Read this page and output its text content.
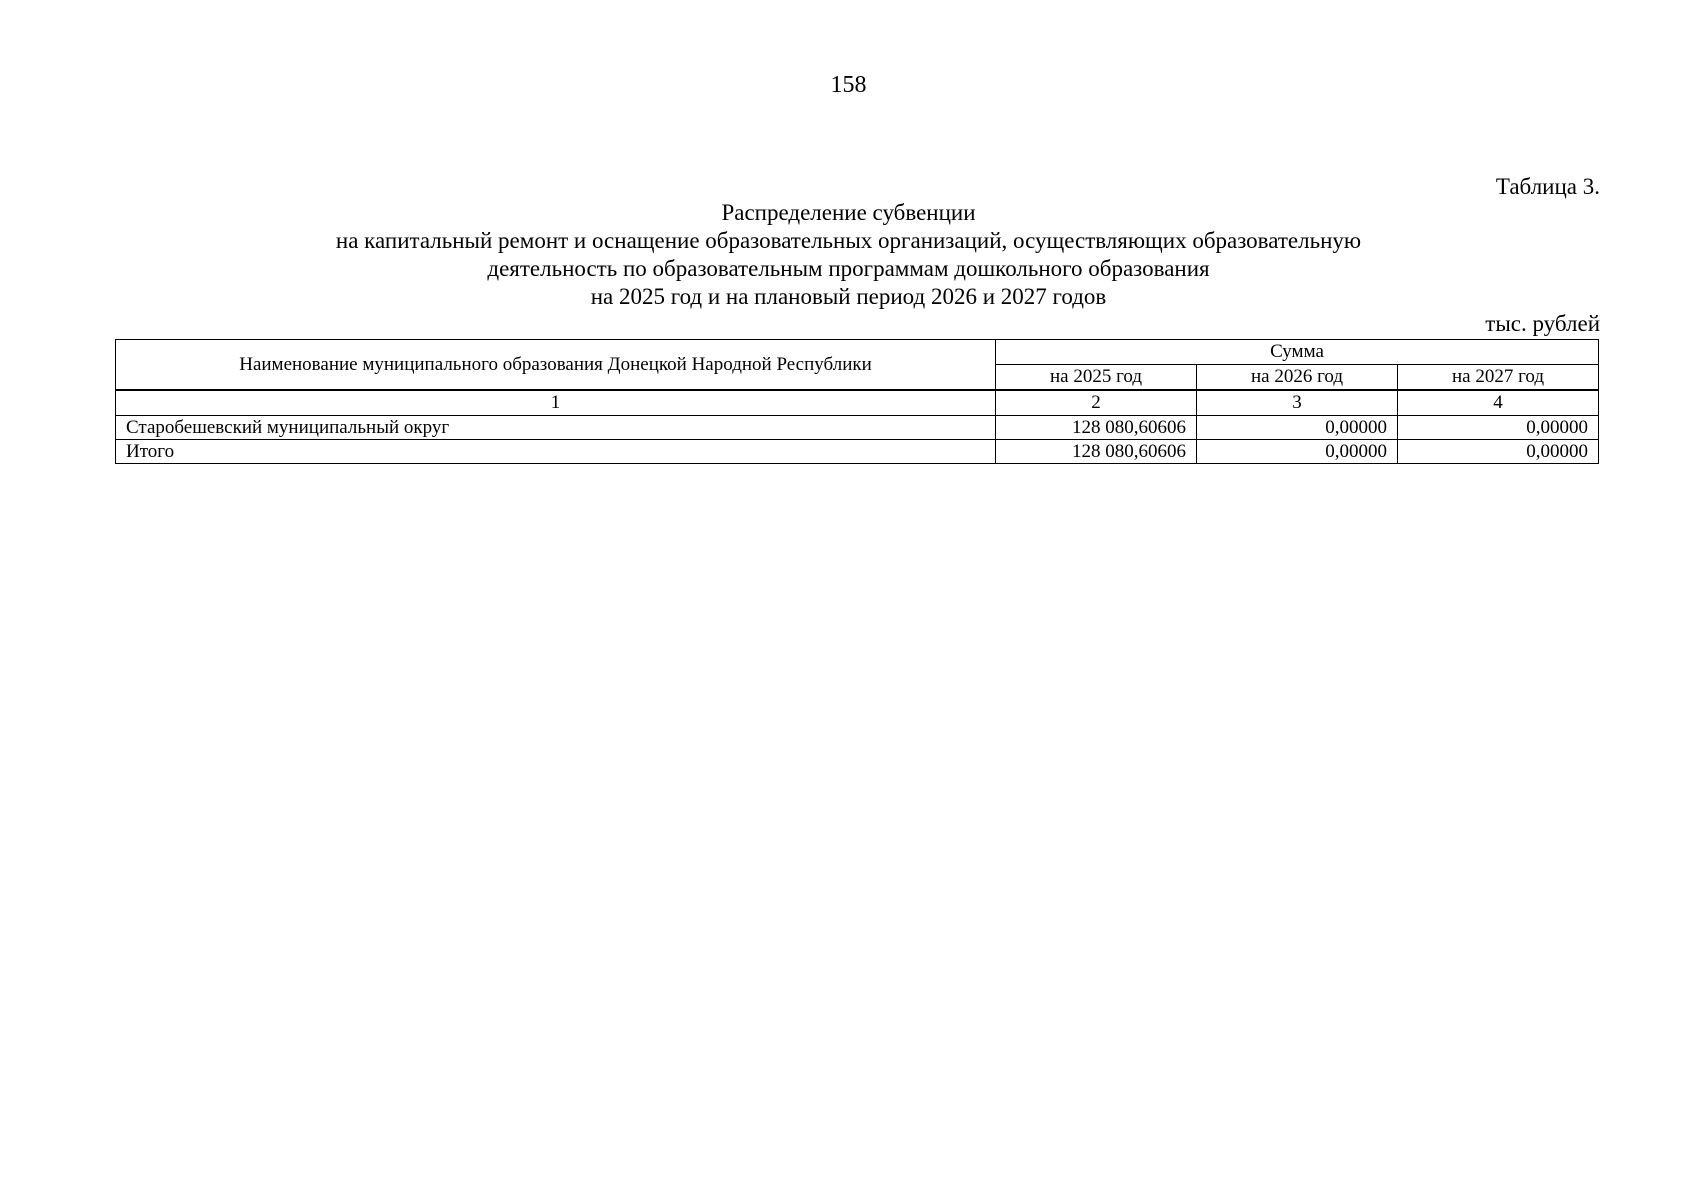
158
Таблица 3.
Распределение субвенции
на капитальный ремонт и оснащение образовательных организаций, осуществляющих образовательную
деятельность по образовательным программам дошкольного образования
на 2025 год и на плановый период 2026 и 2027 годов
тыс. рублей
Наименование муниципального образования Донецкой Народной Республики	Сумма		
	на 2025 год	на 2026 год	на 2027 год

1	2	3	4
Старобешевский муниципальный округ	128 080,60606	0,00000	0,00000
Итого	128 080,60606	0,00000	0,00000
